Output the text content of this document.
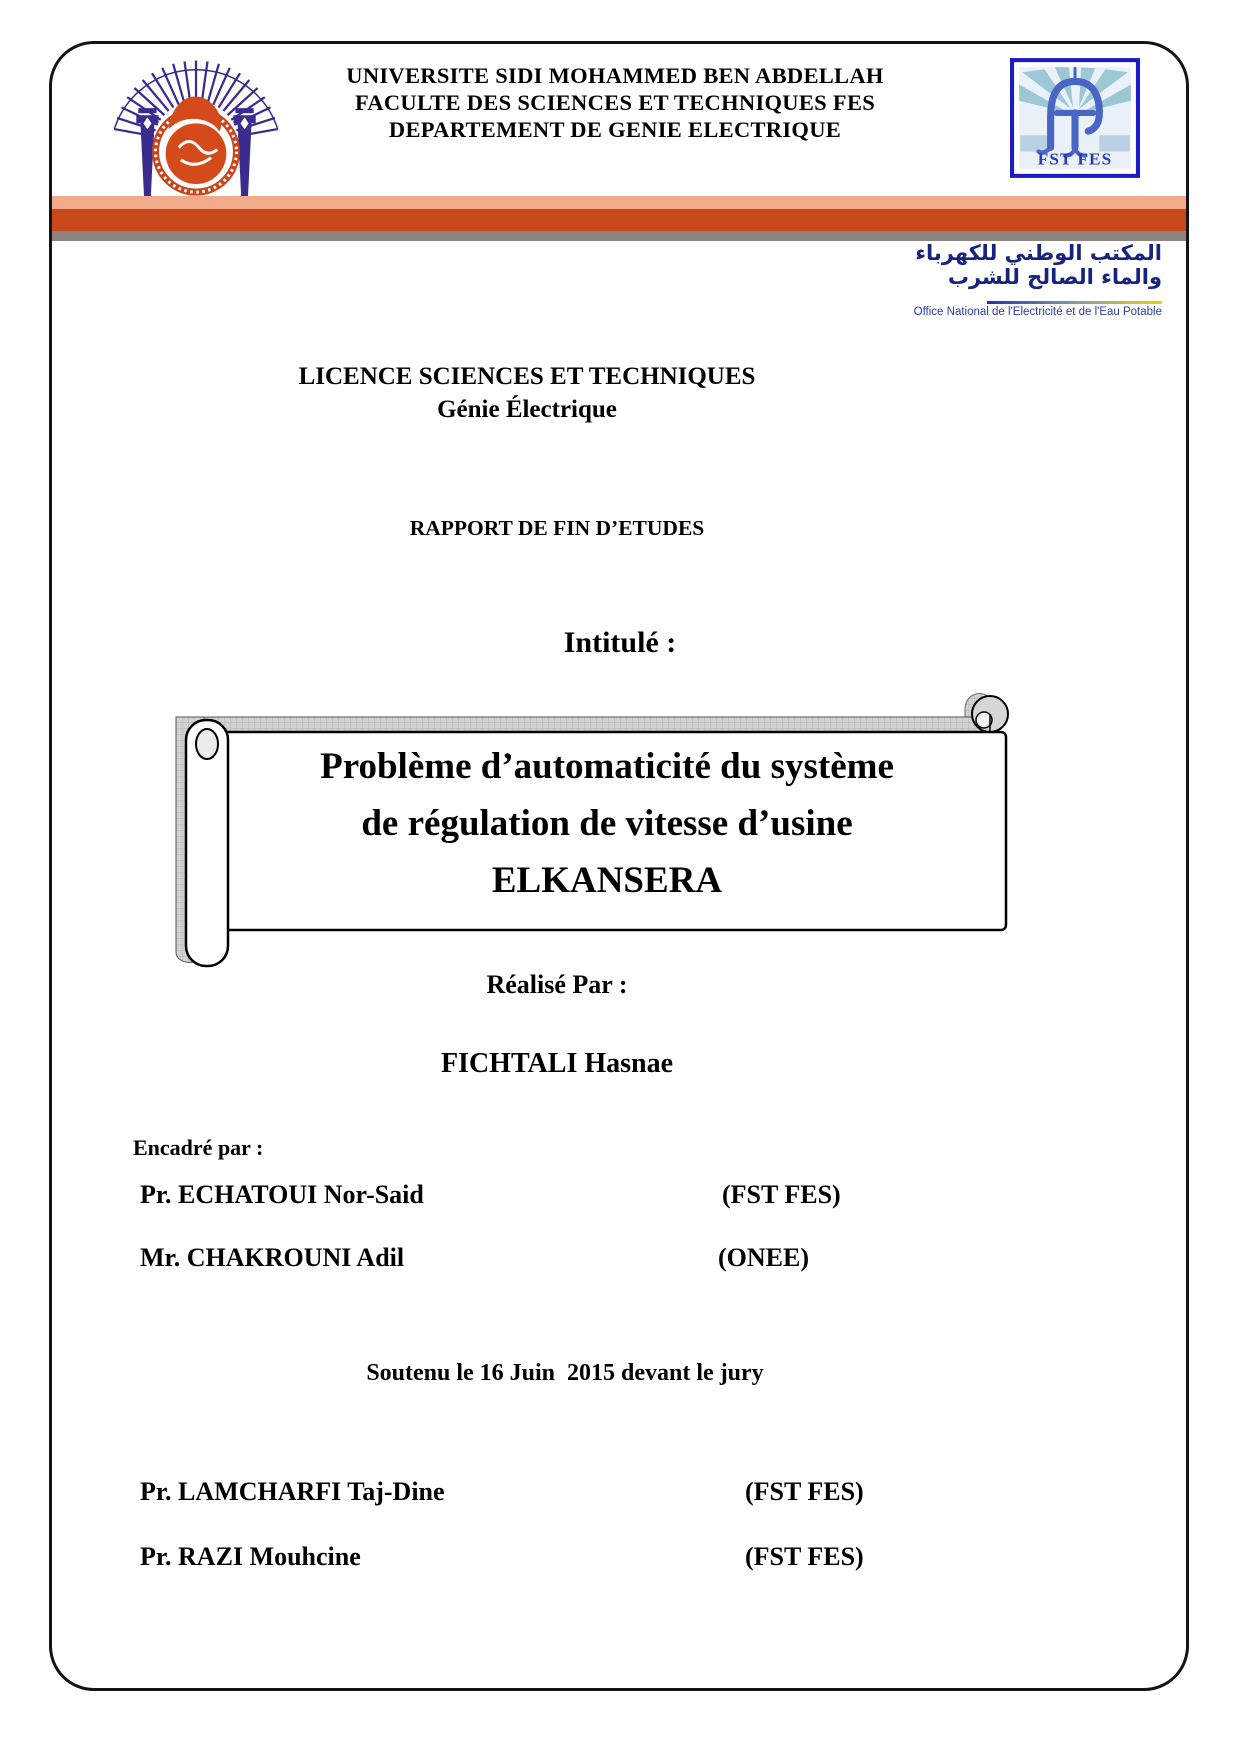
UNIVERSITE SIDI MOHAMMED BEN ABDELLAH
FACULTE DES SCIENCES ET TECHNIQUES FES
DEPARTEMENT DE GENIE ELECTRIQUE
FST FES
المكتب الوطني للكهرباء والماء الصالح للشرب
Office National de l'Electricité et de l'Eau Potable
LICENCE SCIENCES ET TECHNIQUES
Génie Électrique
RAPPORT DE FIN D’ETUDES
Intitulé :
Problème d’automaticité du système
de régulation de vitesse d’usine
ELKANSERA
Réalisé Par :
FICHTALI Hasnae
Encadré par :
Pr. ECHATOUI Nor-Said	(FST FES)
Mr. CHAKROUNI Adil	(ONEE)
Soutenu le 16 Juin  2015 devant le jury
Pr. LAMCHARFI Taj-Dine	(FST FES)
Pr. RAZI Mouhcine	(FST FES)
